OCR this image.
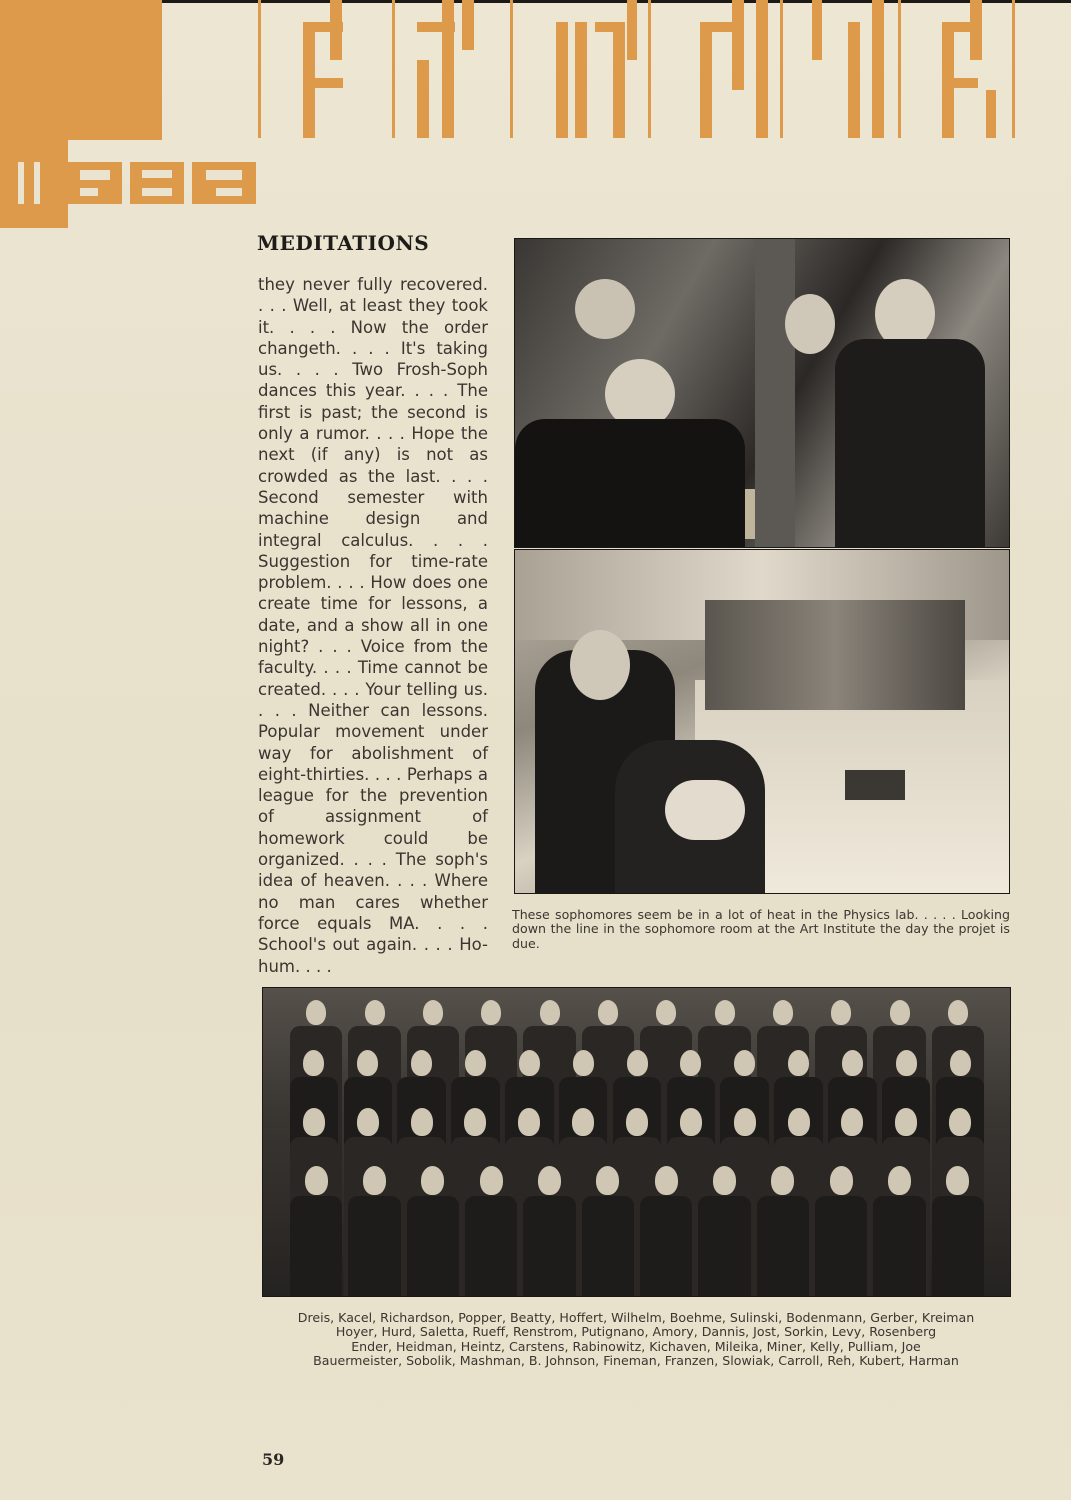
MEDITATIONS
they never fully recovered. . . . Well, at least they took it. . . . Now the order changeth. . . . It's taking us. . . . Two Frosh-Soph dances this year. . . . The first is past; the second is only a rumor. . . . Hope the next (if any) is not as crowded as the last. . . . Second semester with machine design and integral calculus. . . . Suggestion for time-rate problem. . . . How does one create time for lessons, a date, and a show all in one night? . . . Voice from the faculty. . . . Time cannot be created. . . . Your telling us. . . . Neither can lessons. Popular movement under way for abolishment of eight-thirties. . . . Perhaps a league for the prevention of assignment of homework could be organized. . . . The soph's idea of heaven. . . . Where no man cares whether force equals MA. . . . School's out again. . . . Ho-hum. . . .
These sophomores seem be in a lot of heat in the Physics lab. . . . . Looking down the line in the sophomore room at the Art Institute the day the projet is due.
Dreis, Kacel, Richardson, Popper, Beatty, Hoffert, Wilhelm, Boehme, Sulinski, Bodenmann, Gerber, Kreiman
Hoyer, Hurd, Saletta, Rueff, Renstrom, Putignano, Amory, Dannis, Jost, Sorkin, Levy, Rosenberg
Ender, Heidman, Heintz, Carstens, Rabinowitz, Kichaven, Mileika, Miner, Kelly, Pulliam, Joe
Bauermeister, Sobolik, Mashman, B. Johnson, Fineman, Franzen, Slowiak, Carroll, Reh, Kubert, Harman
59
